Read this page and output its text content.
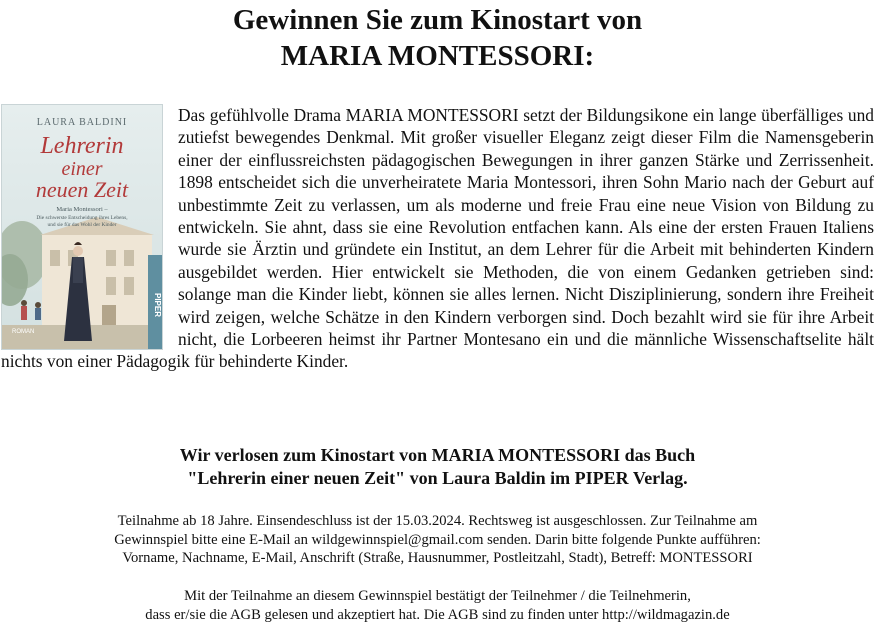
Gewinnen Sie zum Kinostart von
MARIA MONTESSORI:
PIPER
LAURA BALDINI
Lehrerin
einer
neuen Zeit
Maria Montessori –
Die schwerste Entscheidung ihres Lebens,
und sie für das Wohl der Kinder
ROMAN

Das gefühlvolle Drama MARIA MONTESSORI setzt der Bildungsikone ein lange überfälliges und zutiefst bewegendes Denkmal. Mit großer visueller Eleganz zeigt dieser Film die Namensgeberin einer der einflussreichsten pädagogischen Bewegungen in ihrer ganzen Stärke und Zerrissenheit. 1898 entscheidet sich die unverheiratete Maria Montessori, ihren Sohn Mario nach der Geburt auf unbestimmte Zeit zu verlassen, um als moderne und freie Frau eine neue Vision von Bildung zu entwickeln. Sie ahnt, dass sie eine Revolution entfachen kann. Als eine der ersten Frauen Italiens wurde sie Ärztin und gründete ein Institut, an dem Lehrer für die Arbeit mit behinderten Kindern ausgebildet werden. Hier entwickelt sie Methoden, die von einem Gedanken getrieben sind: solange man die Kinder liebt, können sie alles lernen. Nicht Disziplinierung, sondern ihre Freiheit wird zeigen, welche Schätze in den Kindern verborgen sind. Doch bezahlt wird sie für ihre Arbeit nicht, die Lorbeeren heimst ihr Partner Montesano ein und die männliche Wissenschaftselite hält nichts von einer Pädagogik für behinderte Kinder.

Wir verlosen zum Kinostart von MARIA MONTESSORI das Buch
"Lehrerin einer neuen Zeit" von Laura Baldin im PIPER Verlag.
Teilnahme ab 18 Jahre. Einsendeschluss ist der 15.03.2024. Rechtsweg ist ausgeschlossen. Zur Teilnahme am
Gewinnspiel bitte eine E-Mail an wildgewinnspiel@gmail.com senden. Darin bitte folgende Punkte aufführen:
Vorname, Nachname, E-Mail, Anschrift (Straße, Hausnummer, Postleitzahl, Stadt), Betreff: MONTESSORI
Mit der Teilnahme an diesem Gewinnspiel bestätigt der Teilnehmer / die Teilnehmerin,
dass er/sie die AGB gelesen und akzeptiert hat. Die AGB sind zu finden unter http://wildmagazin.de
